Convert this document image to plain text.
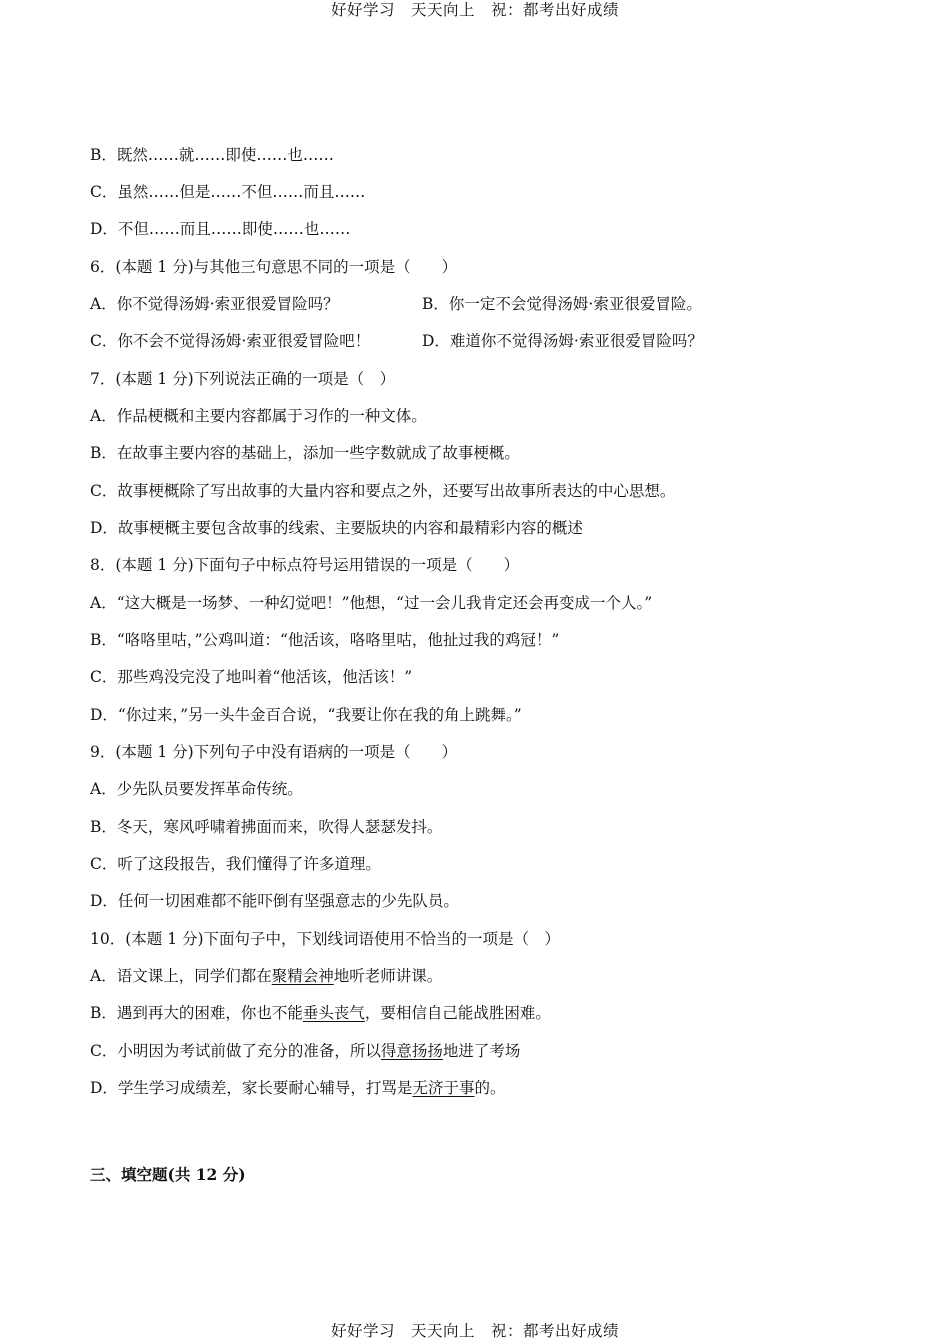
好好学习　天天向上　祝：都考出好成绩
B．既然……就……即使……也……
C．虽然……但是……不但……而且……
D．不但……而且……即使……也……
6．(本题 1 分)与其他三句意思不同的一项是（　　）
A．你不觉得汤姆·索亚很爱冒险吗？	B．你一定不会觉得汤姆·索亚很爱冒险。
C．你不会不觉得汤姆·索亚很爱冒险吧！	D．难道你不觉得汤姆·索亚很爱冒险吗？
7．(本题 1 分)下列说法正确的一项是（　）
A．作品梗概和主要内容都属于习作的一种文体。
B．在故事主要内容的基础上，添加一些字数就成了故事梗概。
C．故事梗概除了写出故事的大量内容和要点之外，还要写出故事所表达的中心思想。
D．故事梗概主要包含故事的线索、主要版块的内容和最精彩内容的概述
8．(本题 1 分)下面句子中标点符号运用错误的一项是（　　）
A．“这大概是一场梦、一种幻觉吧！”他想，“过一会儿我肯定还会再变成一个人。”
B．“咯咯里咕，”公鸡叫道：“他活该，咯咯里咕，他扯过我的鸡冠！”
C．那些鸡没完没了地叫着“他活该，他活该！”
D．“你过来，”另一头牛金百合说，“我要让你在我的角上跳舞。”
9．(本题 1 分)下列句子中没有语病的一项是（　　）
A．少先队员要发挥革命传统。
B．冬天，寒风呼啸着拂面而来，吹得人瑟瑟发抖。
C．听了这段报告，我们懂得了许多道理。
D．任何一切困难都不能吓倒有坚强意志的少先队员。
10．(本题 1 分)下面句子中，下划线词语使用不恰当的一项是（　）
A．语文课上，同学们都在聚精会神地听老师讲课。
B．遇到再大的困难，你也不能垂头丧气，要相信自己能战胜困难。
C．小明因为考试前做了充分的准备，所以得意扬扬地进了考场
D．学生学习成绩差，家长要耐心辅导，打骂是无济于事的。
三、填空题(共 12 分)
好好学习　天天向上　祝：都考出好成绩
